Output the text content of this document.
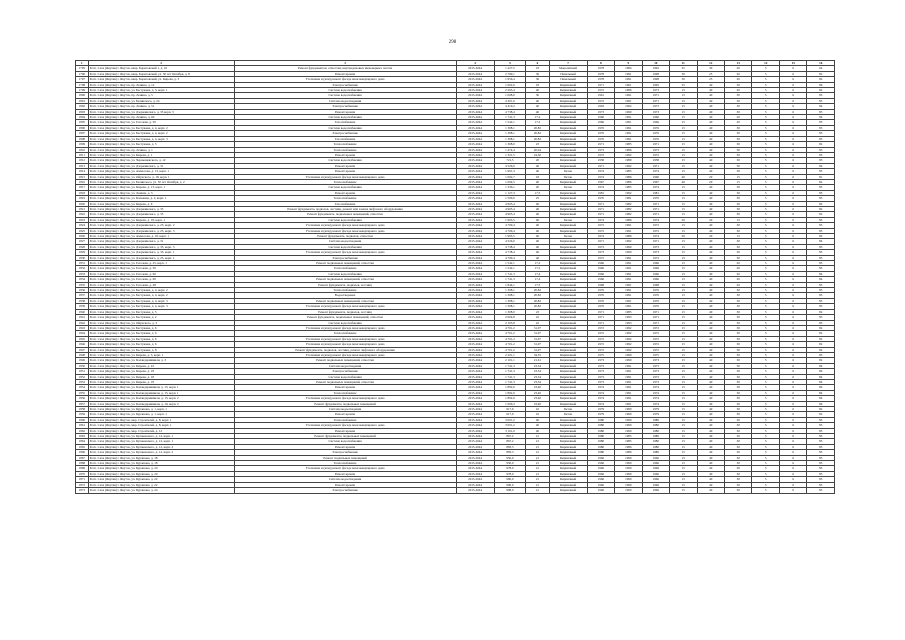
298
1	2	3	4	5	6	7	8	9	10	11	12	13	14	15	16
1795	Респ. Саха (Якутия) г. Якутск, квар. Борисовский 1, д. 10	Ремонт фундаментов, отмостки, внутридомовых инженерных систем	2015-2044	1 227,5	23	Монолитный	1978	1984	1992	25	30	20	5	6	64
1796	Респ. Саха (Якутия) г. Якутск, квар. Борисовский, ул. 50 лет Октября, д. 8	Ремонт кровли	2015-2044	2 799,1	36	Панельный	1978	1991	1998	30	25	20	5	6	82
1797	Респ. Саха (Якутия) г. Якутск, квар. Борисовский, ул. Кирова, д. 3	Утепление и (или) ремонт фасада многоквартирного дома	2015-2044	1 956,4	36	Панельный	1978	1991	1998	30	25	20	5	6	82
1798	Респ. Саха (Якутия) г. Якутск, пр. Ленина, д. 12	Электроснабжение	2015-2044	1 002,6	18	Кирпичный	1971	1961	1995	25	40	30	5	6	86
1799	Респ. Саха (Якутия) г. Якутск, ул. Бестужева, д. 3, корп. 1	Система водоснабжения	2015-2044	2 295,4	40	Кирпичный	1972	1986	1973	15	40	20	5	6	82
1800	Респ. Саха (Якутия) г. Якутск, пр. Ленина, д. 5	Система водоснабжения	2015-2044	1 008,0	30	Кирпичный	1961	1991	1971	15	40	30	5	6	83
1801	Респ. Саха (Якутия) г. Якутск, ул. Белинского, д. 24	Система водоотведения	2015-2044	4 301,6	40	Кирпичный	1972	1991	1971	15	40	30	5	6	83
1802	Респ. Саха (Якутия) г. Якутск, пр. Ленина, д. 51	Электроснабжение	2015-2044	4 419,2	40	Кирпичный	1963	1992	1973	15	40	30	5	6	84
1803	Респ. Саха (Якутия) г. Якутск, ул. Дзержинского, д. 35 корп. 3	Ремонт кровли	2015-2044	4 738,4	40	Кирпичный	1973	1990	1973	15	40	30	5	6	83
1804	Респ. Саха (Якутия) г. Якутск, пр. Ленина, д. 60	Система водоснабжения	2015-2044	1 741,3	17,4	Кирпичный	1966	1991	1966	15	40	20	5	6	84
1805	Респ. Саха (Якутия) г. Якутск, ул. Гоголева, д. 50	Газоснабжение	2015-2044	1 542,1	17,2	Кирпичный	1966	1991	1966	15	40	20	5	6	83
1806	Респ. Саха (Якутия) г. Якутск, ул. Бестужева, д. 4, корп. 2	Система водоснабжения	2015-2044	1 308,1	20,82	Кирпичный	1976	1991	1976	15	40	30	5	6	83
1807	Респ. Саха (Якутия) г. Якутск, ул. Бестужева, д. 4, корп. 2	Электроснабжение	2015-2044	1 308,1	20,82	Кирпичный	1976	1991	1976	15	40	30	5	6	83
1808	Респ. Саха (Якутия) г. Якутск, ул. Бестужева, д. 4, корп. 3	Газоснабжение	2015-2044	1 308,1	20,82	Кирпичный	1976	1991	1976	15	40	30	5	6	83
1809	Респ. Саха (Якутия) г. Якутск, ул. Бестужева, д. 5	Теплоснабжение	2015-2044	1 308,0	23	Кирпичный	1971	1985	1971	15	40	30	5	6	82
1810	Респ. Саха (Якутия) г. Якутск, пр. Ленина, д. 1	Теплоснабжение	2015-2044	1 474,4	20,04	Кирпичный	1973	1986	1973	15	40	30	5	6	83
1811	Респ. Саха (Якутия) г. Якутск, ул. Кирова, д. 1	Ремонт кровли	2015-2044	1 321,5	24,30	Кирпичный	1972	1992	1972	15	40	30	5	6	83
1812	Респ. Саха (Якутия) г. Якутск, ул. Чернышевского, д. 12	Система водоснабжения	2015-2044	721,5	20	Кирпичный	1958	1989	1958	15	40	30	5	6	83
1813	Респ. Саха (Якутия) г. Якутск, ул. Дзержинского, д. 31	Ремонт кровли	2015-2044	4 526,0	40	Кирпичный	1971	1992	1971	15	40	30	5	6	84
1814	Респ. Саха (Якутия) г. Якутск, ул. Аммосова, д. 13, корп. 1	Ремонт кровли	2015-2044	1 991,3	40	Бетон	1974	1985	1974	15	40	30	5	6	83
1815	Респ. Саха (Якутия) г. Якутск, ул. Ойунского, д. 18, корп. 1	Утепление и (или) ремонт фасада многоквартирного дома	2015-2044	1 002,7	18	Бетон	1974	1986	1960	40	20	15	5	6	81
1816	Респ. Саха (Якутия) г. Якутск, ул. Белинского, ул. 50 лет Октября, д. 2	Теплоснабжение	2015-2044	1 094,5	40	Кирпичный	1967	1986	1967	40	20	15	5	6	82
1817	Респ. Саха (Якутия) г. Якутск, ул. Кирова, д. 13, корп. 1	Система водоснабжения	2015-2044	1 336,1	20	Бетон	1974	1985	1974	15	40	30	5	6	83
1818	Респ. Саха (Якутия) г. Якутск, ул. Ленина, д. 3	Ремонт кровли	2015-2044	1 127,3	17,5	Кирпичный	1981	1992	1981	15	40	30	5	6	83
1819	Респ. Саха (Якутия) г. Якутск, ул. Кальвица, д. 2, корп. 1	Теплоснабжение	2015-2044	1 500,0	25	Кирпичный	1970	1981	1970	15	40	30	5	6	83
1820	Респ. Саха (Якутия) г. Якутск, ул. Кирова, д. 9	Газоснабжение	2015-2044	4 905,4	40	Кирпичный	1971	1982	1971	15	40	30	5	6	82
1821	Респ. Саха (Якутия) г. Якутск, ул. Дзержинского, д. 35	Ремонт фундамента, подвалов, лестниц, ремонт или замена лифтового оборудования	2015-2044	4 905,4	40	Кирпичный	1971	1982	1971	15	40	30	5	6	82
1822	Респ. Саха (Якутия) г. Якутск, ул. Дзержинского, д. 35	Ремонт фундамента, подвальных помещений, отмостки	2015-2044	4 905,4	40	Кирпичный	1971	1982	1971	15	40	30	5	6	82
1823	Респ. Саха (Якутия) г. Якутск, ул. Кирова, д. 18, корп. 1	Система водоснабжения	2015-2044	1 903,5	40	Бетон	1974	1986	1974	20	20	15	5	6	83
1824	Респ. Саха (Якутия) г. Якутск, ул. Дзержинского, д. 23, корп. 2	Утепление и (или) ремонт фасада многоквартирного дома	2015-2044	4 709,4	40	Кирпичный	1972	1991	1972	15	40	30	5	6	83
1825	Респ. Саха (Якутия) г. Якутск, ул. Дзержинского, д. 23, корп. 3	Утепление и (или) ремонт фасада многоквартирного дома	2015-2044	4 709,4	40	Кирпичный	1972	1991	1972	15	40	30	5	6	83
1826	Респ. Саха (Якутия) г. Якутск, ул. Аммосова, д. 18, корп. 1	Ремонт фундамента, подвалов, отмостки	2015-2044	1 995,5	40	Бетон	1974	1986	1974	20	20	15	5	6	82
1827	Респ. Саха (Якутия) г. Якутск, ул. Дзержинского, д. 31	Система водоотведения	2015-2044	4 526,0	40	Кирпичный	1971	1992	1971	15	40	30	5	6	84
1828	Респ. Саха (Якутия) г. Якутск, ул. Дзержинского, д. 35, корп. 3	Система водоснабжения	2015-2044	4 738,4	40	Кирпичный	1973	1990	1973	15	40	30	5	6	83
1829	Респ. Саха (Якутия) г. Якутск, ул. Дзержинского, д. 35, корп. 1	Утепление и (или) ремонт фасада многоквартирного дома	2015-2044	4 738,4	40	Кирпичный	1973	1990	1973	15	40	30	5	6	83
1830	Респ. Саха (Якутия) г. Якутск, ул. Дзержинского, д. 23, корп. 1	Электроснабжение	2015-2044	4 709,4	40	Кирпичный	1972	1991	1972	15	40	30	5	6	83
1831	Респ. Саха (Якутия) г. Якутск, ул. Гоголева, д. 25, корп. 1	Ремонт подвальных помещений, отмостки	2015-2044	1 542,1	17,2	Кирпичный	1966	1991	1966	15	40	20	5	6	83
1832	Респ. Саха (Якутия) г. Якутск, ул. Гоголева, д. 50	Теплоснабжение	2015-2044	1 542,1	17,2	Кирпичный	1966	1991	1966	15	40	20	5	6	83
1833	Респ. Саха (Якутия) г. Якутск, ул. Гоголева, д. 60	Система водоснабжения	2015-2044	1 741,3	17,4	Кирпичный	1966	1991	1966	15	40	20	5	6	84
1834	Респ. Саха (Якутия) г. Якутск, ул. Гоголева, д. 60	Ремонт подвальных помещений, отмостки	2015-2044	1 741,3	17,4	Кирпичный	1966	1991	1966	15	40	20	5	6	84
1835	Респ. Саха (Якутия) г. Якутск, ул. Гоголева, д. 48	Ремонт фундамента, подвалов, лестниц	2015-2044	1 844,1	17,5	Кирпичный	1968	1991	1968	15	40	20	5	6	83
1836	Респ. Саха (Якутия) г. Якутск, ул. Бестужева, д. 4, корп. 2	Теплоснабжение	2015-2044	1 308,1	20,82	Кирпичный	1976	1991	1976	15	40	30	5	6	83
1837	Респ. Саха (Якутия) г. Якутск, ул. Бестужева, д. 4, корп. 2	Водоотведение	2015-2044	1 308,1	20,82	Кирпичный	1976	1991	1976	15	40	30	5	6	83
1838	Респ. Саха (Якутия) г. Якутск, ул. Бестужева, д. 4, корп. 3	Ремонт подвальных помещений, отмостки	2015-2044	1 308,1	20,82	Кирпичный	1976	1991	1976	15	40	30	5	6	83
1839	Респ. Саха (Якутия) г. Якутск, ул. Бестужева, д. 4, корп. 3	Утепление и (или) ремонт фасада многоквартирного дома	2015-2044	1 308,1	20,82	Кирпичный	1976	1991	1976	15	40	30	5	6	83
1840	Респ. Саха (Якутия) г. Якутск, ул. Бестужева, д. 5	Ремонт фундамента, подвалов, лестниц	2015-2044	1 308,0	23	Кирпичный	1971	1985	1971	15	40	30	5	6	82
1841	Респ. Саха (Якутия) г. Якутск, ул. Бестужева, д. 2	Ремонт фундамента, подвальных помещений, отмостки	2015-2044	2 004,8	22	Кирпичный	1971	1993	1971	15	40	30	5	6	83
1842	Респ. Саха (Якутия) г. Якутск, ул. Ойунского, д. 3	Система водоснабжения	2015-2044	2 105,8	22	Кирпичный	1971	1993	1971	15	40	30	5	6	83
1843	Респ. Саха (Якутия) г. Якутск, ул. Бестужева, д. 6	Утепление и (или) ремонт фасада многоквартирного дома	2015-2044	4 701,2	31,07	Кирпичный	1972	1992	1972	15	40	30	5	6	82
1844	Респ. Саха (Якутия) г. Якутск, ул. Бестужева, д. 6	Теплоснабжение	2015-2044	4 701,2	31,07	Кирпичный	1972	1992	1972	15	40	30	5	6	82
1845	Респ. Саха (Якутия) г. Якутск, ул. Бестужева, д. 6	Утепление и (или) ремонт фасада многоквартирного дома	2015-2044	4 701,2	31,07	Кирпичный	1972	1992	1972	15	40	30	5	6	82
1846	Респ. Саха (Якутия) г. Якутск, ул. Бестужева, д. 6	Утепление и (или) ремонт фасада многоквартирного дома	2015-2044	4 701,2	31,07	Кирпичный	1972	1992	1972	15	40	30	5	6	82
1847	Респ. Саха (Якутия) г. Якутск, ул. Бестужева, д. 8	Ремонт фундамента, подвалов, лестниц, ремонт лифтового оборудования	2015-2044	4 701,2	31,07	Кирпичный	1972	1992	1972	15	40	30	5	6	82
1848	Респ. Саха (Якутия) г. Якутск, ул. Кирова, д. 3, корп. 1	Утепление и (или) ремонт фасада многоквартирного дома	2015-2044	2 201,1	34,55	Кирпичный	1975	1990	1975	15	40	30	5	6	83
1849	Респ. Саха (Якутия) г. Якутск, ул. Каландаришвили, д. 3	Ремонт подвальных помещений, отмостки	2015-2044	2 101,1	21,61	Кирпичный	1973	1990	1973	15	40	30	5	6	82
1850	Респ. Саха (Якутия) г. Якутск, ул. Кирова, д. 22	Система водоотведения	2015-2044	1 741,3	23,34	Кирпичный	1973	1991	1973	15	40	30	5	6	84
1851	Респ. Саха (Якутия) г. Якутск, ул. Кирова, д. 18	Электроснабжение	2015-2044	1 741,3	23,34	Кирпичный	1973	1991	1973	15	40	30	5	6	84
1852	Респ. Саха (Якутия) г. Якутск, ул. Кирова, д. 18	Система водоснабжения	2015-2044	1 741,3	23,34	Кирпичный	1973	1991	1973	15	40	30	5	6	84
1853	Респ. Саха (Якутия) г. Якутск, ул. Кирова, д. 18	Ремонт подвальных помещений, отмостки	2015-2044	1 741,3	23,34	Кирпичный	1973	1991	1973	15	40	30	5	6	84
1854	Респ. Саха (Якутия) г. Якутск, ул. Каландаришвили, д. 15, корп. 1	Ремонт кровли	2015-2044	1 892,0	23,40	Кирпичный	1974	1991	1974	15	40	30	5	6	84
1855	Респ. Саха (Якутия) г. Якутск, ул. Каландаришвили, д. 15, корп. 1	Теплоснабжение	2015-2044	1 892,0	23,40	Кирпичный	1974	1991	1974	15	40	30	5	6	84
1856	Респ. Саха (Якутия) г. Якутск, ул. Каландаришвили, д. 15, корп. 2	Утепление и (или) ремонт фасада многоквартирного дома	2015-2044	1 892,0	23,40	Кирпичный	1974	1991	1974	15	40	30	5	6	84
1857	Респ. Саха (Якутия) г. Якутск, ул. Каландаришвили, д. 19, корп. 2	Ремонт фундамента, подвальных помещений	2015-2044	1 006,3	23,40	Кирпичный	1974	1991	1974	15	40	30	5	6	84
1858	Респ. Саха (Якутия) г. Якутск, ул. Курашова, д. 1, корп. 1	Система водоотведения	2015-2044	617,9	16	Бетон	1979	1990	1979	15	40	30	5	6	82
1859	Респ. Саха (Якутия) г. Якутск, ул. Курашова, д. 1, корп. 1	Ремонт кровли	2015-2044	617,9	16	Бетон	1979	1990	1979	15	40	30	5	6	82
1860	Респ. Саха (Якутия) г. Якутск, мкр. Строителей, д. 8, корп. 1	Теплоснабжение	2015-2044	3 001,2	40	Кирпичный	1980	1990	1980	15	40	30	5	6	83
1861	Респ. Саха (Якутия) г. Якутск, мкр. Строителей, д. 8, корп. 1	Утепление и (или) ремонт фасада многоквартирного дома	2015-2044	3 001,2	40	Кирпичный	1980	1990	1980	15	40	30	5	6	83
1862	Респ. Саха (Якутия) г. Якутск, мкр. Строителей, д. 12	Ремонт кровли	2015-2044	3 101,0	40	Кирпичный	1980	1990	1980	15	40	30	5	6	83
1863	Респ. Саха (Якутия) г. Якутск, ул. Кулаковского, д. 12, корп. 1	Ремонт фундамента, подвальных помещений	2015-2044	867,2	21	Кирпичный	1980	1985	1980	15	40	30	5	6	83
1864	Респ. Саха (Якутия) г. Якутск, ул. Кулаковского, д. 12, корп. 1	Система водоснабжения	2015-2044	867,2	21	Кирпичный	1980	1985	1980	15	40	30	5	6	83
1865	Респ. Саха (Якутия) г. Якутск, ул. Кулаковского, д. 12, корп. 2	Ремонт кровли	2015-2044	883,3	21	Кирпичный	1980	1986	1980	15	40	30	5	6	83
1866	Респ. Саха (Якутия) г. Якутск, ул. Кулаковского, д. 12, корп. 2	Электроснабжение	2015-2044	883,3	21	Кирпичный	1980	1986	1980	15	40	30	5	6	83
1867	Респ. Саха (Якутия) г. Якутск, ул. Курашова, д. 18	Ремонт подвальных помещений	2015-2044	950,0	21	Кирпичный	1966	1990	1966	15	40	30	5	6	83
1868	Респ. Саха (Якутия) г. Якутск, ул. Курашова, д. 18	Теплоснабжение	2015-2044	950,0	21	Кирпичный	1966	1990	1966	15	40	30	5	6	83
1869	Респ. Саха (Якутия) г. Якутск, ул. Курашова, д. 20	Утепление и (или) ремонт фасада многоквартирного дома	2015-2044	978,0	21	Кирпичный	1966	1990	1966	15	40	30	5	6	83
1870	Респ. Саха (Якутия) г. Якутск, ул. Курашова, д. 20	Ремонт кровли	2015-2044	978,0	21	Кирпичный	1966	1990	1966	15	40	30	5	6	83
1871	Респ. Саха (Якутия) г. Якутск, ул. Курашова, д. 22	Система водоотведения	2015-2044	990,0	21	Кирпичный	1966	1990	1966	15	40	30	5	6	83
1872	Респ. Саха (Якутия) г. Якутск, ул. Курашова, д. 22	Ремонт кровли	2015-2044	990,0	21	Кирпичный	1966	1990	1966	15	40	30	5	6	83
1873	Респ. Саха (Якутия) г. Якутск, ул. Курашова, д. 24	Электроснабжение	2015-2044	998,0	21	Кирпичный	1966	1990	1966	15	40	30	5	6	83
